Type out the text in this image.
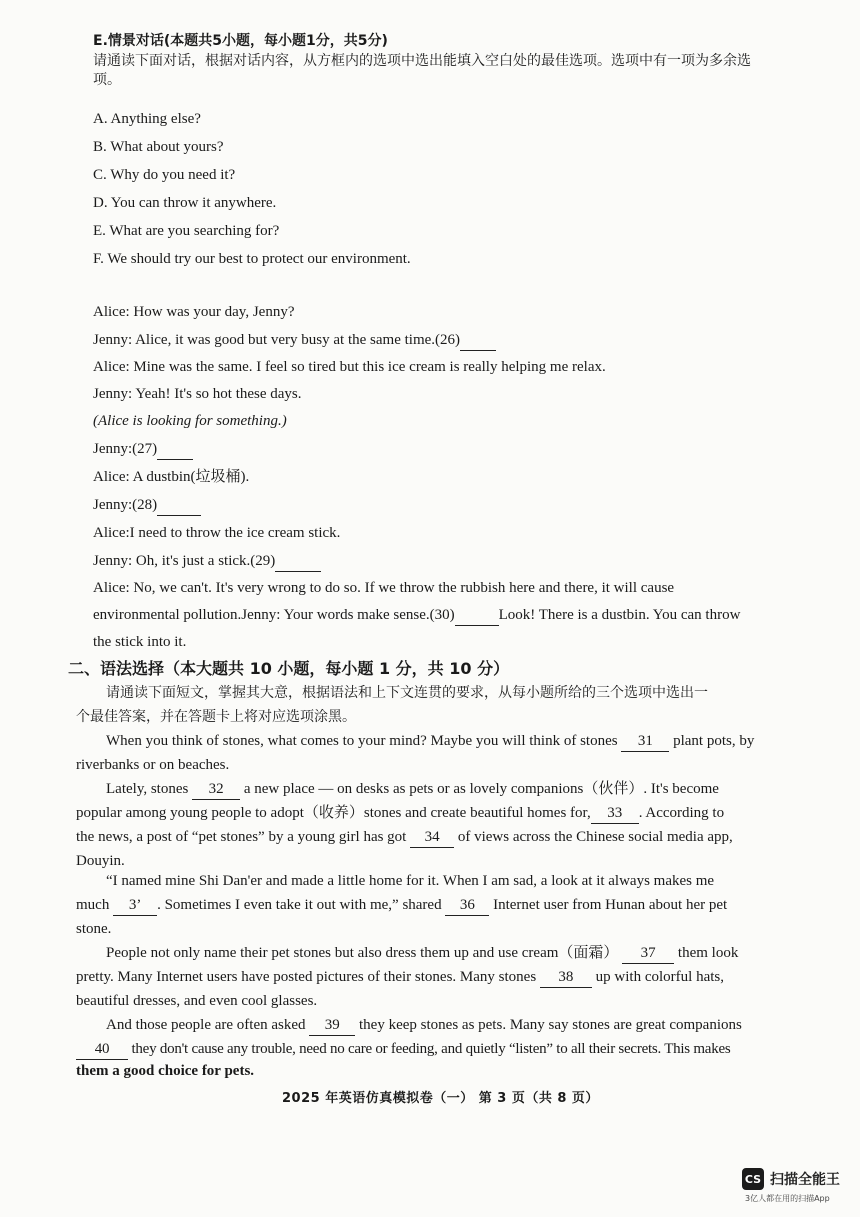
E.情景对话(本题共5小题，每小题1分，共5分)
请通读下面对话，根据对话内容，从方框内的选项中选出能填入空白处的最佳选项。选项中有一项为多余选
项。
A. Anything else?
B. What about yours?
C. Why do you need it?
D. You can throw it anywhere.
E. What are you searching for?
F. We should try our best to protect our environment.
Alice: How was your day, Jenny?
Jenny: Alice, it was good but very busy at the same time.(26)
Alice: Mine was the same. I feel so tired but this ice cream is really helping me relax.
Jenny: Yeah! It's so hot these days.
(Alice is looking for something.)
Jenny:(27)
Alice: A dustbin(垃圾桶).
Jenny:(28)
Alice:I need to throw the ice cream stick.
Jenny: Oh, it's just a stick.(29)
Alice: No, we can't. It's very wrong to do so. If we throw the rubbish here and there, it will cause
environmental pollution.Jenny: Your words make sense.(30)	Look! There is a dustbin. You can throw
the stick into it.
二、语法选择（本大题共 10 小题，每小题 1 分，共 10 分）
请通读下面短文，掌握其大意，根据语法和上下文连贯的要求，从每小题所给的三个选项中选出一
个最佳答案，并在答题卡上将对应选项涂黑。
When you think of stones, what comes to your mind? Maybe you will think of stones 31 plant pots, by
riverbanks or on beaches.
Lately, stones 32 a new place — on desks as pets or as lovely companions（伙伴）. It's become
popular among young people to adopt（收养）stones and create beautiful homes for, 33 . According to
the news, a post of “pet stones” by a young girl has got 34 of views across the Chinese social media app,
Douyin.
“I named mine Shi Dan'er and made a little home for it. When I am sad, a look at it always makes me
much 3’ . Sometimes I even take it out with me,” shared 36 Internet user from Hunan about her pet
stone.
People not only name their pet stones but also dress them up and use cream（面霜） 37 them look
pretty. Many Internet users have posted pictures of their stones. Many stones 38 up with colorful hats,
beautiful dresses, and even cool glasses.
And those people are often asked 39 they keep stones as pets. Many say stones are great companions
40 they don't cause any trouble, need no care or feeding, and quietly “listen” to all their secrets. This makes
them a good choice for pets.
2025 年英语仿真模拟卷（一） 第 3 页（共 8 页）
CS 扫描全能王
3亿人都在用的扫描App
